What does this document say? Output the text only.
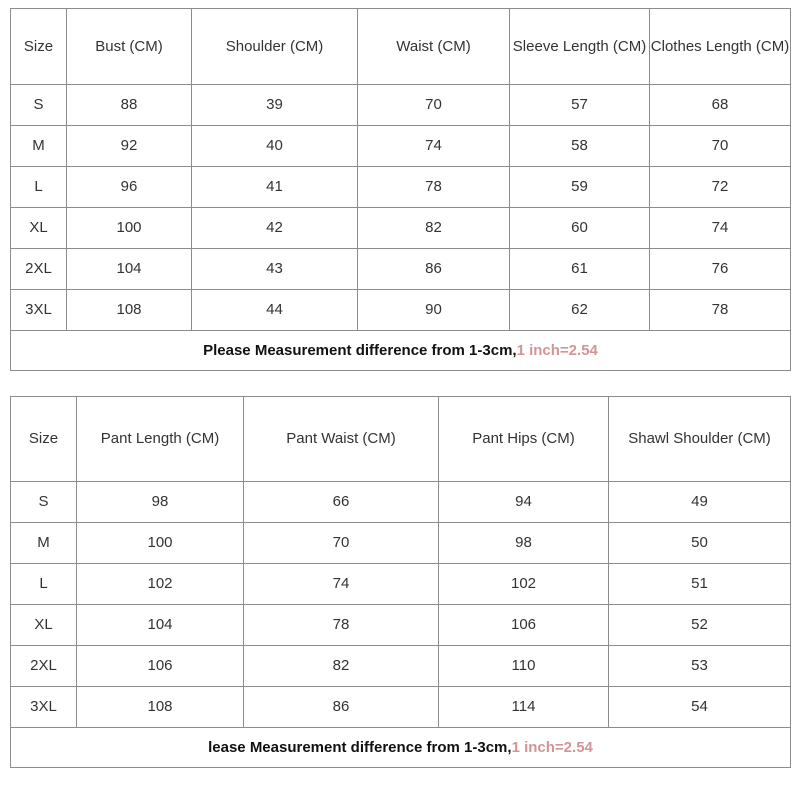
Size	Bust (CM)	Shoulder (CM)	Waist (CM)	Sleeve Length (CM)	Clothes Length (CM)
S	88	39	70	57	68
M	92	40	74	58	70
L	96	41	78	59	72
XL	100	42	82	60	74
2XL	104	43	86	61	76
3XL	108	44	90	62	78
Please Measurement difference from 1-3cm,1 inch=2.54					
Size	Pant Length (CM)	Pant Waist (CM)	Pant Hips (CM)	Shawl Shoulder (CM)
S	98	66	94	49
M	100	70	98	50
L	102	74	102	51
XL	104	78	106	52
2XL	106	82	110	53
3XL	108	86	114	54
lease Measurement difference from 1-3cm,1 inch=2.54				
